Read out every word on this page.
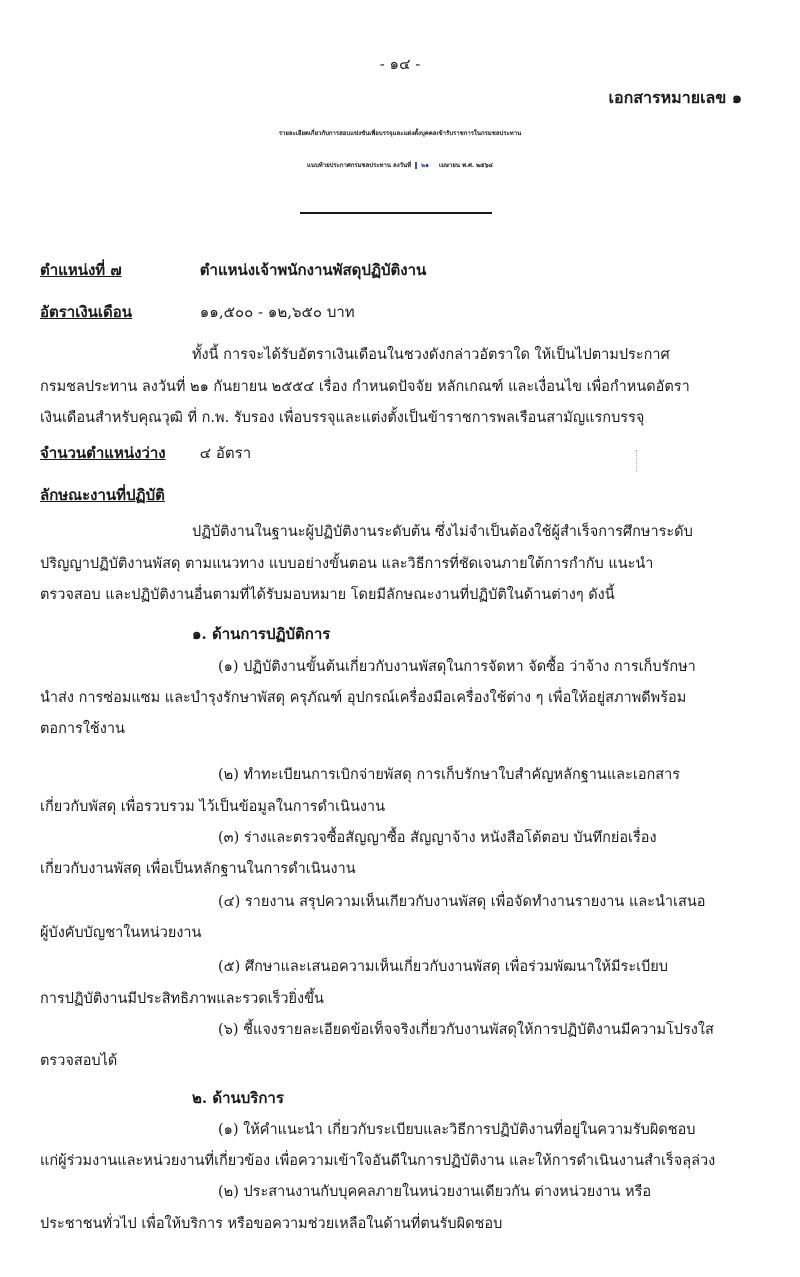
- ๑๔ -
เอกสารหมายเลข ๑
รายละเอียดเกี่ยวกับการสอบแข่งขันเพื่อบรรจุและแต่งตั้งบุคคลเข้ารับราชการในกรมชลประทาน
แนบท้ายประกาศกรมชลประทาน ลงวันที่ ๒๑ เมษายน พ.ศ. ๒๕๖๔
ตำแหน่งที่ ๗	ตำแหน่งเจ้าพนักงานพัสดุปฏิบัติงาน
อัตราเงินเดือน	๑๑,๕๐๐ - ๑๒,๖๕๐ บาท
ทั้งนี้ การจะได้รับอัตราเงินเดือนในชวงดังกล่าวอัตราใด ให้เป็นไปตามประกาศ
กรมชลประทาน ลงวันที่ ๒๑ กันยายน ๒๕๕๔ เรื่อง กำหนดปัจจัย หลักเกณฑ์ และเงื่อนไข เพื่อกำหนดอัตรา
เงินเดือนสำหรับคุณวุฒิ ที่ ก.พ. รับรอง เพื่อบรรจุและแต่งตั้งเป็นข้าราชการพลเรือนสามัญแรกบรรจุ
จำนวนตำแหน่งว่าง ๔ อัตรา
ลักษณะงานที่ปฏิบัติ
ปฏิบัติงานในฐานะผู้ปฏิบัติงานระดับต้น ซึ่งไม่จำเป็นต้องใช้ผู้สำเร็จการศึกษาระดับ
ปริญญาปฏิบัติงานพัสดุ ตามแนวทาง แบบอย่างขั้นตอน และวิธีการที่ชัดเจนภายใต้การกำกับ แนะนำ
ตรวจสอบ และปฏิบัติงานอื่นตามที่ได้รับมอบหมาย โดยมีลักษณะงานที่ปฏิบัติในด้านต่างๆ ดังนี้
๑. ด้านการปฏิบัติการ
(๑) ปฏิบัติงานขั้นต้นเกี่ยวกับงานพัสดุในการจัดหา จัดซื้อ ว่าจ้าง การเก็บรักษา
นำส่ง การซ่อมแซม และบำรุงรักษาพัสดุ ครุภัณฑ์ อุปกรณ์เครื่องมือเครื่องใช้ต่าง ๆ เพื่อให้อยู่สภาพดีพร้อม
ตอการใช้งาน
(๒) ทำทะเบียนการเบิกจ่ายพัสดุ การเก็บรักษาใบสำคัญหลักฐานและเอกสาร
เกี่ยวกับพัสดุ เพื่อรวบรวม ไว้เป็นข้อมูลในการดำเนินงาน
(๓) ร่างและตรวจซื้อสัญญาซื้อ สัญญาจ้าง หนังสือโต้ตอบ บันทึกย่อเรื่อง
เกี่ยวกับงานพัสดุ เพื่อเป็นหลักฐานในการดำเนินงาน
(๔) รายงาน สรุปความเห็นเกียวกับงานพัสดุ เพื่อจัดทำงานรายงาน และนำเสนอ
ผู้บังคับบัญชาในหน่วยงาน
(๕) ศึกษาและเสนอความเห็นเกี่ยวกับงานพัสดุ เพื่อร่วมพัฒนาให้มีระเบียบ
การปฏิบัติงานมีประสิทธิภาพและรวดเร็วยิ่งขึ้น
(๖) ชี้แจงรายละเอียดข้อเท็จจริงเกี่ยวกับงานพัสดุให้การปฏิบัติงานมีความโปรงใส
ตรวจสอบได้
๒. ด้านบริการ
(๑) ให้คำแนะนำ เกี่ยวกับระเบียบและวิธีการปฏิบัติงานที่อยู่ในความรับผิดชอบ
แก่ผู้ร่วมงานและหน่วยงานที่เกี่ยวข้อง เพื่อความเข้าใจอันดีในการปฏิบัติงาน และให้การดำเนินงานสำเร็จลุล่วง
(๒) ประสานงานกับบุคคลภายในหน่วยงานเดียวกัน ต่างหน่วยงาน หรือ
ประชาชนทั่วไป เพื่อให้บริการ หรือขอความช่วยเหลือในด้านที่ตนรับผิดชอบ
